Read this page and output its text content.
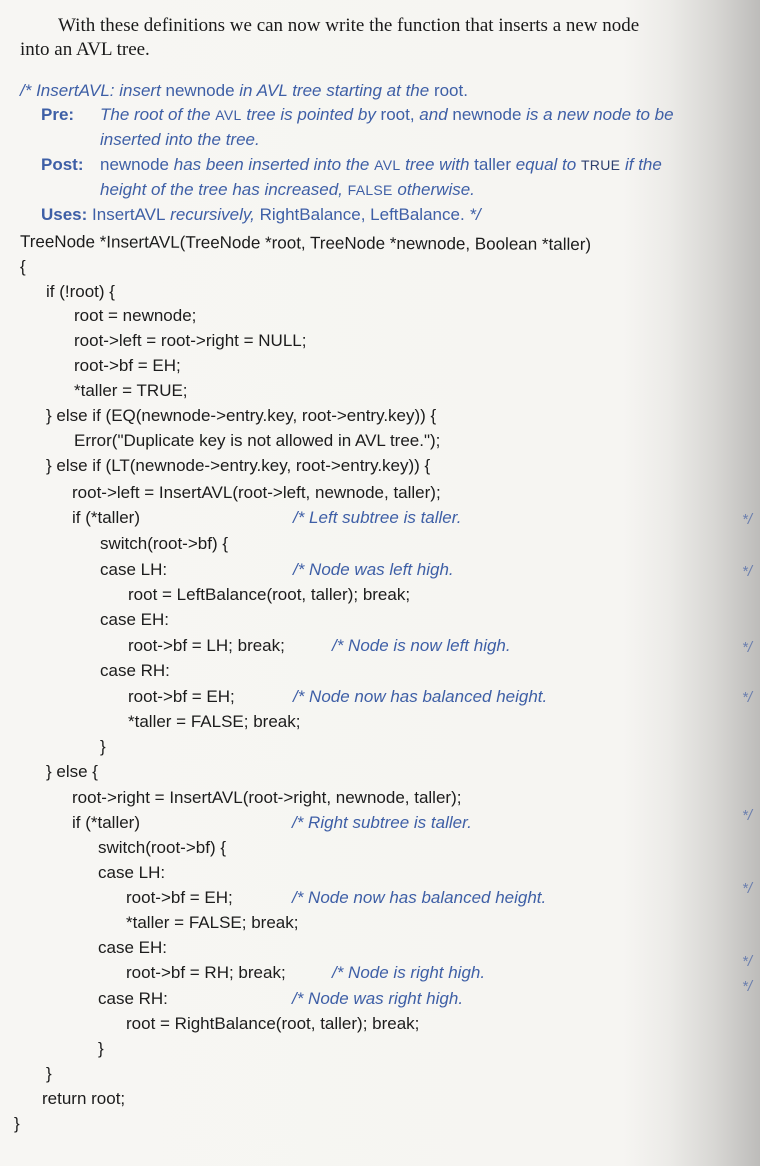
With these definitions we can now write the function that inserts a new node
into an AVL tree.
/* InsertAVL: insert newnode in AVL tree starting at the root.
Pre: The root of the AVL tree is pointed by root, and newnode is a new node to be
inserted into the tree.
Post: newnode has been inserted into the AVL tree with taller equal to TRUE if the
height of the tree has increased, FALSE otherwise.
Uses: InsertAVL recursively, RightBalance, LeftBalance. */
TreeNode *InsertAVL(TreeNode *root, TreeNode *newnode, Boolean *taller)
{
if (!root) {
root = newnode;
root->left = root->right = NULL;
root->bf = EH;
*taller = TRUE;
} else if (EQ(newnode->entry.key, root->entry.key)) {
Error("Duplicate key is not allowed in AVL tree.");
} else if (LT(newnode->entry.key, root->entry.key)) {
root->left = InsertAVL(root->left, newnode, taller);
if (*taller)	/* Left subtree is taller.
switch(root->bf) {
case LH:	/* Node was left high.
root = LeftBalance(root, taller); break;
case EH:
root->bf = LH; break;	/* Node is now left high.
case RH:
root->bf = EH;	/* Node now has balanced height.
*taller = FALSE; break;
}
} else {
root->right = InsertAVL(root->right, newnode, taller);
if (*taller)	/* Right subtree is taller.
switch(root->bf) {
case LH:
root->bf = EH;	/* Node now has balanced height.
*taller = FALSE; break;
case EH:
root->bf = RH; break;	/* Node is right high.
case RH:	/* Node was right high.
root = RightBalance(root, taller); break;
}
}
return root;
}
*/
*/
*/
*/
*/
*/
*/
*/
